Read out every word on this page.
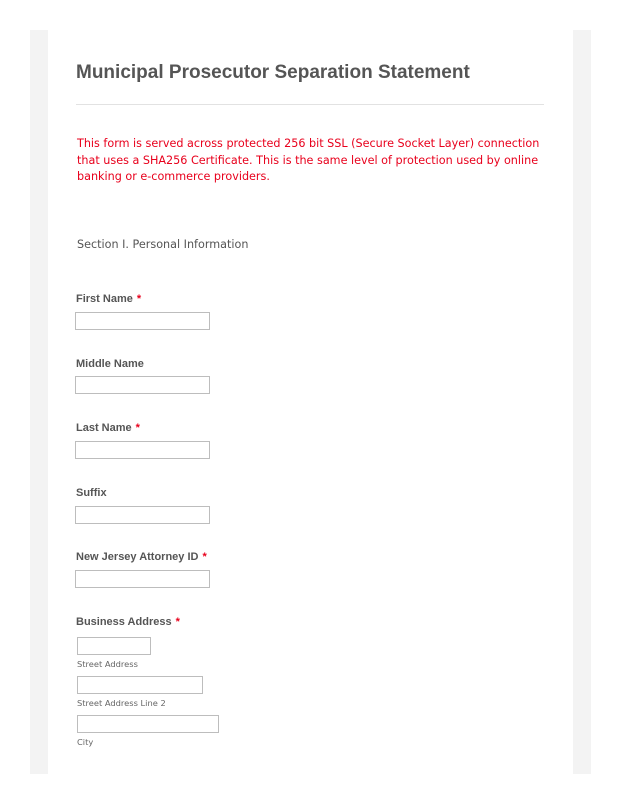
Municipal Prosecutor Separation Statement

This form is served across protected 256 bit SSL (Secure Socket Layer) connection that uses a SHA256 Certificate. This is the same level of protection used by online banking or e-commerce providers.

Section I. Personal Information

First Name *
Middle Name
Last Name *
Suffix
New Jersey Attorney ID *
Business Address *
Street Address
Street Address Line 2
City
